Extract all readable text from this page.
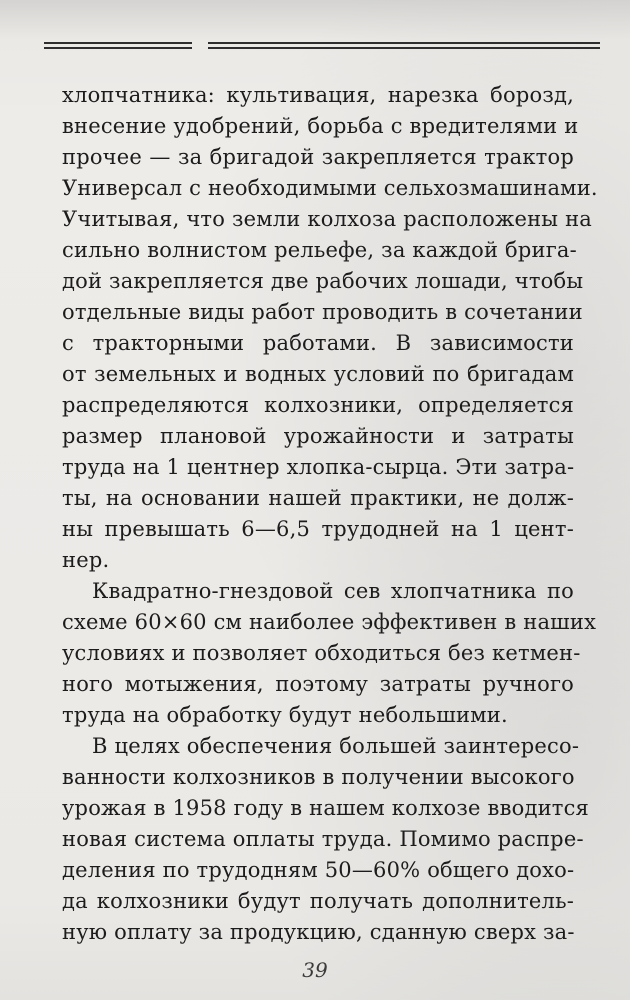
хлопчатника: культивация, нарезка борозд,
внесение удобрений, борьба с вредителями и
прочее — за бригадой закрепляется трактор
Универсал с необходимыми сельхозмашинами.
Учитывая, что земли колхоза расположены на
сильно волнистом рельефе, за каждой брига-
дой закрепляется две рабочих лошади, чтобы
отдельные виды работ проводить в сочетании
с тракторными работами. В зависимости
от земельных и водных условий по бригадам
распределяются колхозники, определяется
размер плановой урожайности и затраты
труда на 1 центнер хлопка-сырца. Эти затра-
ты, на основании нашей практики, не долж-
ны превышать 6—6,5 трудодней на 1 цент-
нер.
Квадратно-гнездовой сев хлопчатника по
схеме 60×60 см наиболее эффективен в наших
условиях и позволяет обходиться без кетмен-
ного мотыжения, поэтому затраты ручного
труда на обработку будут небольшими.
В целях обеспечения большей заинтересо-
ванности колхозников в получении высокого
урожая в 1958 году в нашем колхозе вводится
новая система оплаты труда. Помимо распре-
деления по трудодням 50—60% общего дохо-
да колхозники будут получать дополнитель-
ную оплату за продукцию, сданную сверх за-
39
